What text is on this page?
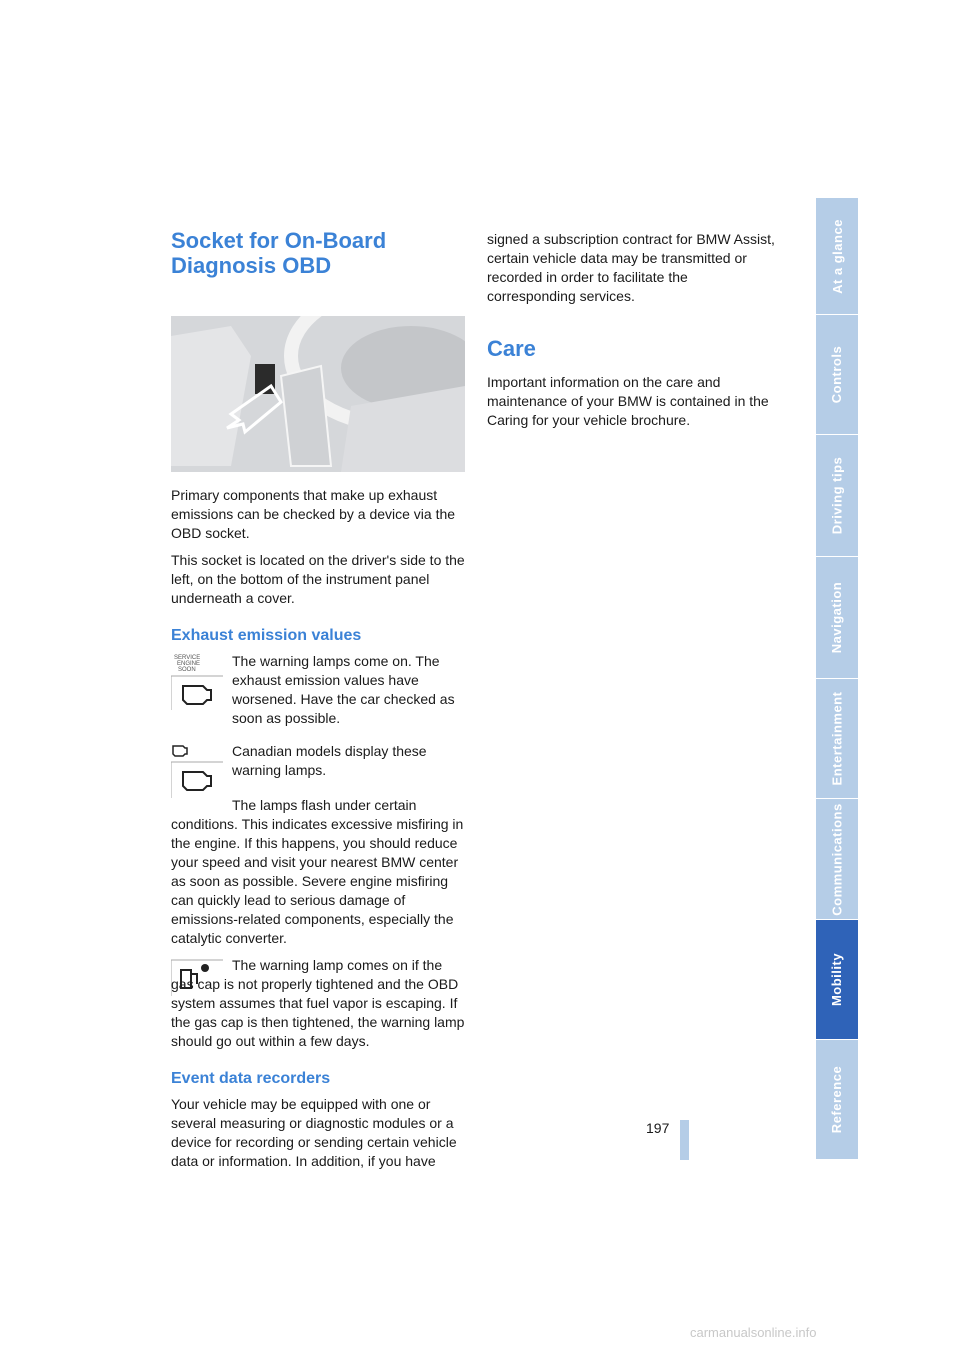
Socket for On-Board Diagnosis OBD

Primary components that make up exhaust emissions can be checked by a device via the OBD socket.

This socket is located on the driver's side to the left, on the bottom of the instrument panel underneath a cover.

Exhaust emission values
SERVICE
ENGINE
SOON

The warning lamps come on. The exhaust emission values have worsened. Have the car checked as soon as possible.

Canadian models display these warning lamps.

The lamps flash under certain conditions. This indicates excessive misfiring in the engine. If this happens, you should reduce your speed and visit your nearest BMW center as soon as possible. Severe engine misfiring can quickly lead to serious damage of emissions-related components, especially the catalytic converter.

The warning lamp comes on if the gas cap is not properly tightened and the OBD system assumes that fuel vapor is escaping. If the gas cap is then tightened, the warning lamp should go out within a few days.

Event data recorders

Your vehicle may be equipped with one or several measuring or diagnostic modules or a device for recording or sending certain vehicle data or information. In addition, if you have

signed a subscription contract for BMW Assist, certain vehicle data may be transmitted or recorded in order to facilitate the corresponding services.

Care

Important information on the care and maintenance of your BMW is contained in the Caring for your vehicle brochure.

At a glance
Controls
Driving tips
Navigation
Entertainment
Communications
Mobility
Reference
197
carmanualsonline.info
